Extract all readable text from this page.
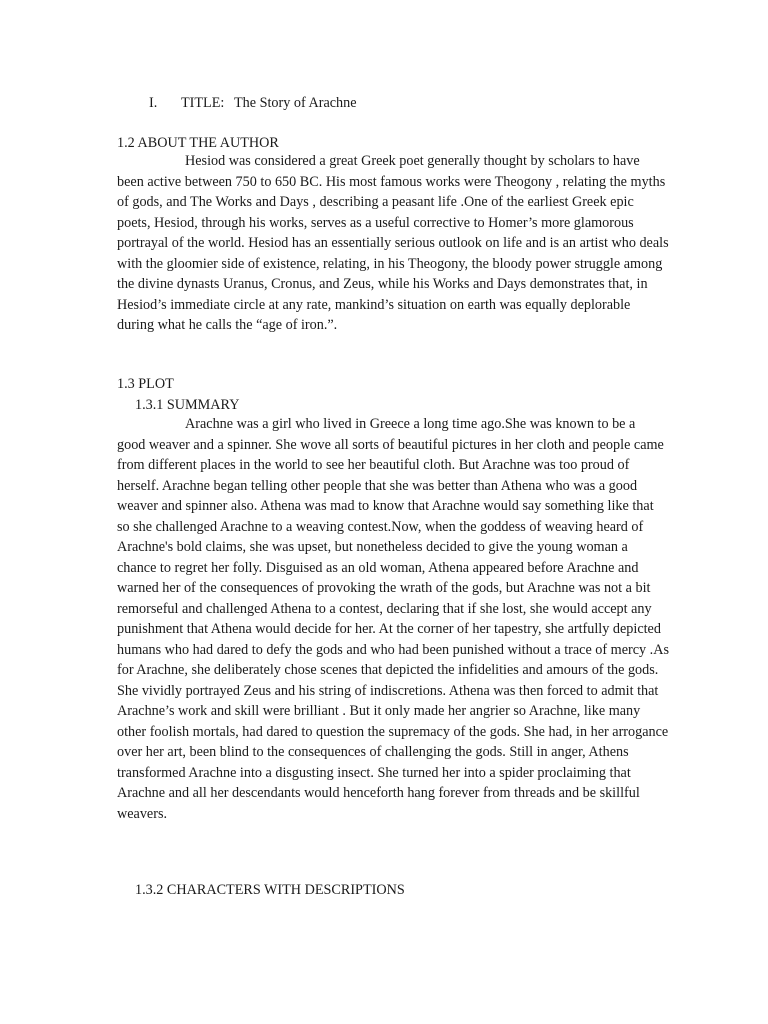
I. TITLE: The Story of Arachne
1.2 ABOUT THE AUTHOR
Hesiod was considered a great Greek poet generally thought by scholars to have
been active between 750 to 650 BC. His most famous works were Theogony , relating the myths
of gods, and The Works and Days , describing a peasant life .One of the earliest Greek epic
poets, Hesiod, through his works, serves as a useful corrective to Homer’s more glamorous
portrayal of the world. Hesiod has an essentially serious outlook on life and is an artist who deals
with the gloomier side of existence, relating, in his Theogony, the bloody power struggle among
the divine dynasts Uranus, Cronus, and Zeus, while his Works and Days demonstrates that, in
Hesiod’s immediate circle at any rate, mankind’s situation on earth was equally deplorable
during what he calls the “age of iron.”.
1.3 PLOT
1.3.1 SUMMARY
Arachne was a girl who lived in Greece a long time ago.She was known to be a
good weaver and a spinner. She wove all sorts of beautiful pictures in her cloth and people came
from different places in the world to see her beautiful cloth. But Arachne was too proud of
herself. Arachne began telling other people that she was better than Athena who was a good
weaver and spinner also. Athena was mad to know that Arachne would say something like that
so she challenged Arachne to a weaving contest.Now, when the goddess of weaving heard of
Arachne's bold claims, she was upset, but nonetheless decided to give the young woman a
chance to regret her folly. Disguised as an old woman, Athena appeared before Arachne and
warned her of the consequences of provoking the wrath of the gods, but Arachne was not a bit
remorseful and challenged Athena to a contest, declaring that if she lost, she would accept any
punishment that Athena would decide for her. At the corner of her tapestry, she artfully depicted
humans who had dared to defy the gods and who had been punished without a trace of mercy .As
for Arachne, she deliberately chose scenes that depicted the infidelities and amours of the gods.
She vividly portrayed Zeus and his string of indiscretions. Athena was then forced to admit that
Arachne’s work and skill were brilliant . But it only made her angrier so Arachne, like many
other foolish mortals, had dared to question the supremacy of the gods. She had, in her arrogance
over her art, been blind to the consequences of challenging the gods. Still in anger, Athens
transformed Arachne into a disgusting insect. She turned her into a spider proclaiming that
Arachne and all her descendants would henceforth hang forever from threads and be skillful
weavers.
1.3.2 CHARACTERS WITH DESCRIPTIONS
